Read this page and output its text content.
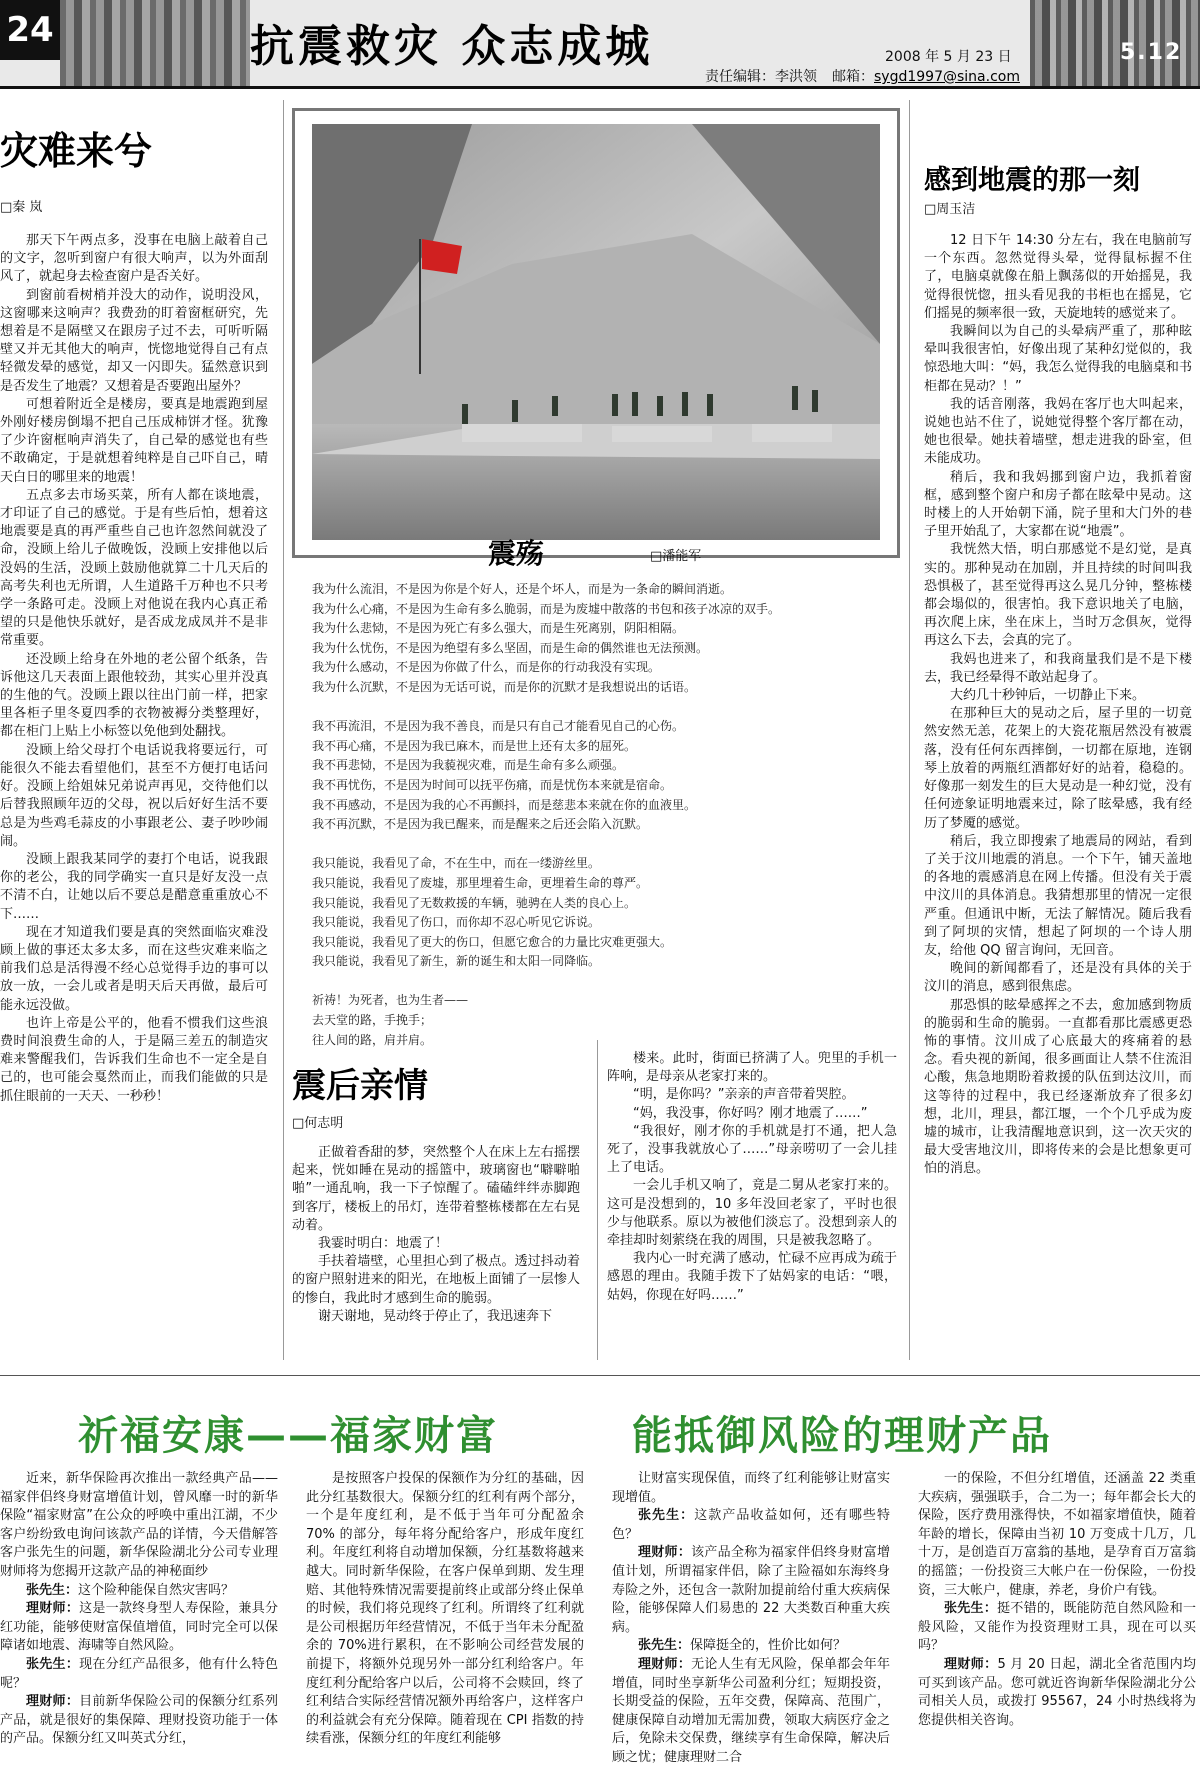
24	抗震救灾 众志成城	2008 年 5 月 23 日
责任编辑：李洪领 邮箱：sygd1997@sina.com
5.12
灾难来兮
□秦 岚

那天下午两点多，没事在电脑上敲着自己的文字，忽听到窗户有很大响声，以为外面刮风了，就起身去检查窗户是否关好。

到窗前看树梢并没大的动作，说明没风，这窗哪来这响声？我费劲的盯着窗框研究，先想着是不是隔壁又在跟房子过不去，可听听隔壁又并无其他大的响声，恍惚地觉得自己有点轻微发晕的感觉，却又一闪即失。猛然意识到是否发生了地震？又想着是否要跑出屋外？

可想着附近全是楼房，要真是地震跑到屋外刚好楼房倒塌不把自己压成柿饼才怪。犹豫了少许窗框响声消失了，自己晕的感觉也有些不敢确定，于是就想着纯粹是自己吓自己，晴天白日的哪里来的地震！

五点多去市场买菜，所有人都在谈地震，才印证了自己的感觉。于是有些后怕，想着这地震要是真的再严重些自己也许忽然间就没了命，没顾上给儿子做晚饭，没顾上安排他以后没妈的生活，没顾上鼓励他就算二十几天后的高考失利也无所谓，人生道路千万种也不只考学一条路可走。没顾上对他说在我内心真正希望的只是他快乐就好，是否成龙成凤并不是非常重要。

还没顾上给身在外地的老公留个纸条，告诉他这几天表面上跟他较劲，其实心里并没真的生他的气。没顾上跟以往出门前一样，把家里各柜子里冬夏四季的衣物被褥分类整理好，都在柜门上贴上小标签以免他到处翻找。

没顾上给父母打个电话说我将要远行，可能很久不能去看望他们，甚至不方便打电话问好。没顾上给姐妹兄弟说声再见，交待他们以后替我照顾年迈的父母，祝以后好好生活不要总是为些鸡毛蒜皮的小事跟老公、妻子吵吵闹闹。

没顾上跟我某同学的妻打个电话，说我跟你的老公，我的同学确实一直只是好友没一点不清不白，让她以后不要总是醋意重重放心不下……

现在才知道我们要是真的突然面临灾难没顾上做的事还太多太多，而在这些灾难来临之前我们总是活得漫不经心总觉得手边的事可以放一放，一会儿或者是明天后天再做，最后可能永远没做。

也许上帝是公平的，他看不惯我们这些浪费时间浪费生命的人，于是隔三差五的制造灾难来警醒我们，告诉我们生命也不一定全是自己的，也可能会戛然而止，而我们能做的只是抓住眼前的一天天、一秒秒！

震殇	□潘能军
我为什么流泪，不是因为你是个好人，还是个坏人，而是为一条命的瞬间消逝。
我为什么心痛，不是因为生命有多么脆弱，而是为废墟中散落的书包和孩子冰凉的双手。
我为什么悲恸，不是因为死亡有多么强大，而是生死离别，阴阳相隔。
我为什么忧伤，不是因为绝望有多么坚固，而是生命的偶然谁也无法预测。
我为什么感动，不是因为你做了什么，而是你的行动我没有实现。
我为什么沉默，不是因为无话可说，而是你的沉默才是我想说出的话语。
我不再流泪，不是因为我不善良，而是只有自己才能看见自己的心伤。
我不再心痛，不是因为我已麻木，而是世上还有太多的屈死。
我不再悲恸，不是因为我藐视灾难，而是生命有多么顽强。
我不再忧伤，不是因为时间可以抚平伤痛，而是忧伤本来就是宿命。
我不再感动，不是因为我的心不再颤抖，而是慈悲本来就在你的血液里。
我不再沉默，不是因为我已醒来，而是醒来之后还会陷入沉默。
我只能说，我看见了命，不在生中，而在一缕游丝里。
我只能说，我看见了废墟，那里埋着生命，更埋着生命的尊严。
我只能说，我看见了无数救援的车辆，驰骋在人类的良心上。
我只能说，我看见了伤口，而你却不忍心听见它诉说。
我只能说，我看见了更大的伤口，但愿它愈合的力量比灾难更强大。
我只能说，我看见了新生，新的诞生和太阳一同降临。
祈祷！为死者，也为生者——
去天堂的路，手挽手；
往人间的路，肩并肩。
震后亲情
□何志明

正做着香甜的梦，突然整个人在床上左右摇摆起来，恍如睡在晃动的摇篮中，玻璃窗也“噼噼啪啪”一通乱响，我一下子惊醒了。磕磕绊绊赤脚跑到客厅，楼板上的吊灯，连带着整栋楼都在左右晃动着。

我霎时明白：地震了！

手扶着墙壁，心里担心到了极点。透过抖动着的窗户照射进来的阳光，在地板上面铺了一层惨人的惨白，我此时才感到生命的脆弱。

谢天谢地，晃动终于停止了，我迅速奔下

楼来。此时，街面已挤满了人。兜里的手机一阵响，是母亲从老家打来的。

“明，是你吗？”亲亲的声音带着哭腔。

“妈，我没事，你好吗？刚才地震了……”

“我很好，刚才你的手机就是打不通，把人急死了，没事我就放心了……”母亲唠叨了一会儿挂上了电话。

一会儿手机又响了，竟是二舅从老家打来的。这可是没想到的，10 多年没回老家了，平时也很少与他联系。原以为被他们淡忘了。没想到亲人的牵挂却时刻萦绕在我的周围，只是被我忽略了。

我内心一时充满了感动，忙碌不应再成为疏于感恩的理由。我随手拨下了姑妈家的电话：“喂，姑妈，你现在好吗……”

感到地震的那一刻
□周玉洁

12 日下午 14:30 分左右，我在电脑前写一个东西。忽然觉得头晕，觉得鼠标握不住了，电脑桌就像在船上飘荡似的开始摇晃，我觉得很恍惚，扭头看见我的书柜也在摇晃，它们摇晃的频率很一致，天旋地转的感觉来了。

我瞬间以为自己的头晕病严重了，那种眩晕叫我很害怕，好像出现了某种幻觉似的，我惊恐地大叫：“妈，我怎么觉得我的电脑桌和书柜都在晃动？！”

我的话音刚落，我妈在客厅也大叫起来，说她也站不住了，说她觉得整个客厅都在动，她也很晕。她扶着墙壁，想走进我的卧室，但未能成功。

稍后，我和我妈挪到窗户边，我抓着窗框，感到整个窗户和房子都在眩晕中晃动。这时楼上的人开始朝下涌，院子里和大门外的巷子里开始乱了，大家都在说“地震”。

我恍然大悟，明白那感觉不是幻觉，是真实的。那种晃动在加剧，并且持续的时间叫我恐惧极了，甚至觉得再这么晃几分钟，整栋楼都会塌似的，很害怕。我下意识地关了电脑，再次爬上床，坐在床上，当时万念俱灰，觉得再这么下去，会真的完了。

我妈也进来了，和我商量我们是不是下楼去，我已经晕得不敢站起身了。

大约几十秒钟后，一切静止下来。

在那种巨大的晃动之后，屋子里的一切竟然安然无恙，花架上的大瓷花瓶居然没有被震落，没有任何东西摔倒，一切都在原地，连钢琴上放着的两瓶红酒都好好的站着，稳稳的。好像那一刻发生的巨大晃动是一种幻觉，没有任何迹象证明地震来过，除了眩晕感，我有经历了梦魇的感觉。

稍后，我立即搜索了地震局的网站，看到了关于汶川地震的消息。一个下午，铺天盖地的各地的震感消息在网上传播。但没有关于震中汶川的具体消息。我猜想那里的情况一定很严重。但通讯中断，无法了解情况。随后我看到了阿坝的灾情，想起了阿坝的一个诗人朋友，给他 QQ 留言询问，无回音。

晚间的新闻都看了，还是没有具体的关于汶川的消息，感到很焦虑。

那恐惧的眩晕感挥之不去，愈加感到物质的脆弱和生命的脆弱。一直都看那比震感更恐怖的事情。汶川成了心底最大的疼痛着的悬念。看央视的新闻，很多画面让人禁不住流泪心酸，焦急地期盼着救援的队伍到达汶川，而这等待的过程中，我已经逐渐放弃了很多幻想，北川，理县，都江堰，一个个几乎成为废墟的城市，让我清醒地意识到，这一次天灾的最大受害地汶川，即将传来的会是比想象更可怕的消息。

祈福安康——福家财富	能抵御风险的理财产品

近来，新华保险再次推出一款经典产品——福家伴侣终身财富增值计划，曾风靡一时的新华保险“福家财富”在公众的呼唤中重出江湖，不少客户纷纷致电询问该款产品的详情，今天借解答客户张先生的问题，新华保险湖北分公司专业理财师将为您揭开这款产品的神秘面纱

张先生：这个险种能保自然灾害吗？

理财师：这是一款终身型人寿保险，兼具分红功能，能够使财富保值增值，同时完全可以保障诸如地震、海啸等自然风险。

张先生：现在分红产品很多，他有什么特色呢？

理财师：目前新华保险公司的保额分红系列产品，就是很好的集保障、理财投资功能于一体的产品。保额分红又叫英式分红，

是按照客户投保的保额作为分红的基础，因此分红基数很大。保额分红的红利有两个部分，一个是年度红利，是不低于当年可分配盈余 70% 的部分，每年将分配给客户，形成年度红利。年度红利将自动增加保额，分红基数将越来越大。同时新华保险，在客户保单到期、发生理赔、其他特殊情况需要提前终止或部分终止保单的时候，我们将兑现终了红利。所谓终了红利就是公司根据历年经营情况，不低于当年未分配盈余的 70%进行累积，在不影响公司经营发展的前提下，将额外兑现另外一部分红利给客户。年度红利分配给客户以后，公司将不会赎回，终了红利结合实际经营情况额外再给客户，这样客户的利益就会有充分保障。随着现在 CPI 指数的持续看涨，保额分红的年度红利能够

让财富实现保值，而终了红利能够让财富实现增值。

张先生：这款产品收益如何，还有哪些特色？

理财师：该产品全称为福家伴侣终身财富增值计划，所谓福家伴侣，除了主险福如东海终身寿险之外，还包含一款附加提前给付重大疾病保险，能够保障人们易患的 22 大类数百种重大疾病。

张先生：保障挺全的，性价比如何？

理财师：无论人生有无风险，保单都会年年增值，同时坐享新华公司盈利分红；短期投资，长期受益的保险，五年交费，保障高、范围广，健康保障自动增加无需加费，领取大病医疗金之后，免除未交保费，继续享有生命保障，解决后顾之忧；健康理财二合

一的保险，不但分红增值，还涵盖 22 类重大疾病，强强联手，合二为一；每年都会长大的保险，医疗费用涨得快，不如福家增值快，随着年龄的增长，保障由当初 10 万变成十几万，几十万，是创造百万富翁的基地，是孕育百万富翁的摇篮；一份投资三大帐户在一份保险，一份投资，三大帐户，健康，养老，身价户有钱。

张先生：挺不错的，既能防范自然风险和一般风险，又能作为投资理财工具，现在可以买吗？

理财师：5 月 20 日起，湖北全省范围内均可买到该产品。您可就近咨询新华保险湖北分公司相关人员，或拨打 95567，24 小时热线将为您提供相关咨询。
